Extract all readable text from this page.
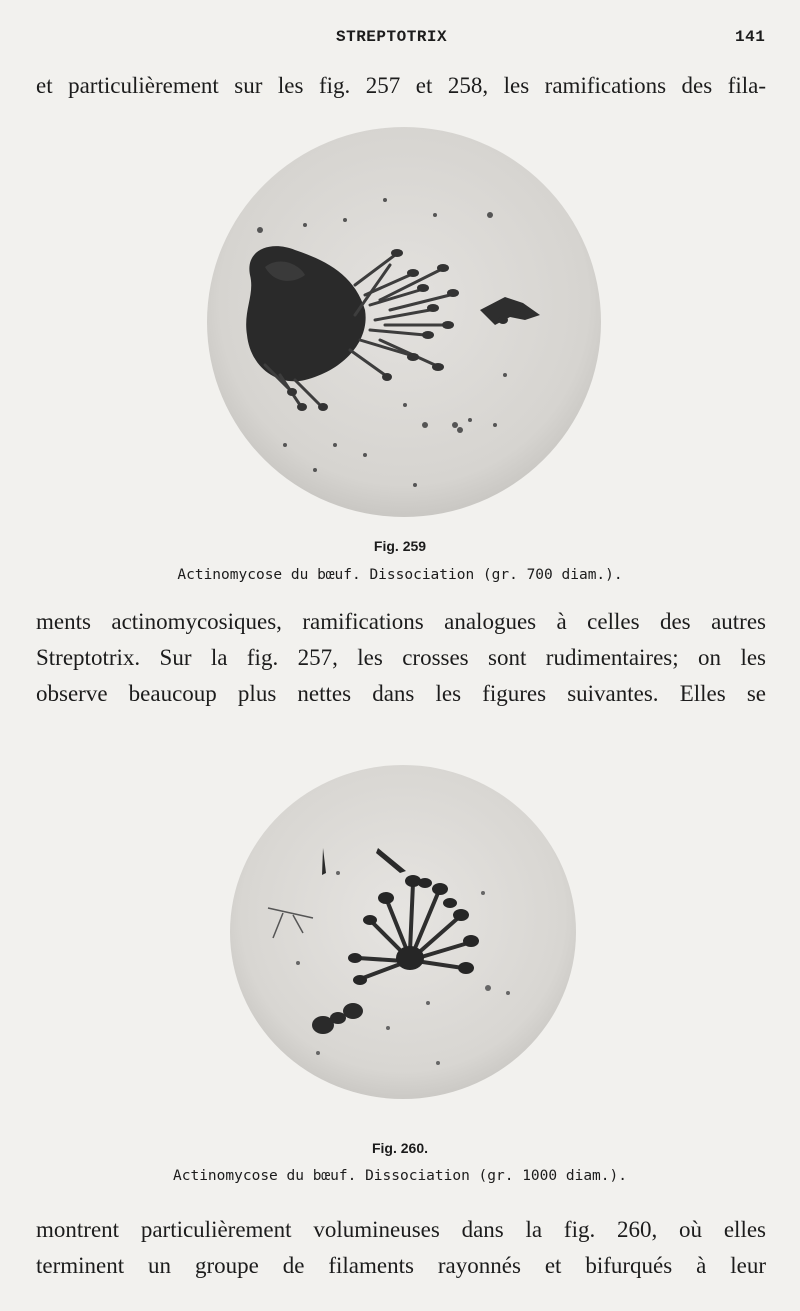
STREPTOTRIX	141

et particulièrement sur les fig. 257 et 258, les ramifications des fila-

Fig. 259
Actinomycose du bœuf. Dissociation (gr. 700 diam.).

ments actinomycosiques, ramifications analogues à celles des autres
Streptotrix. Sur la fig. 257, les crosses sont rudimentaires; on les
observe beaucoup plus nettes dans les figures suivantes. Elles se

Fig. 260.
Actinomycose du bœuf. Dissociation (gr. 1000 diam.).

montrent particulièrement volumineuses dans la fig. 260, où elles
terminent un groupe de filaments rayonnés et bifurqués à leur
